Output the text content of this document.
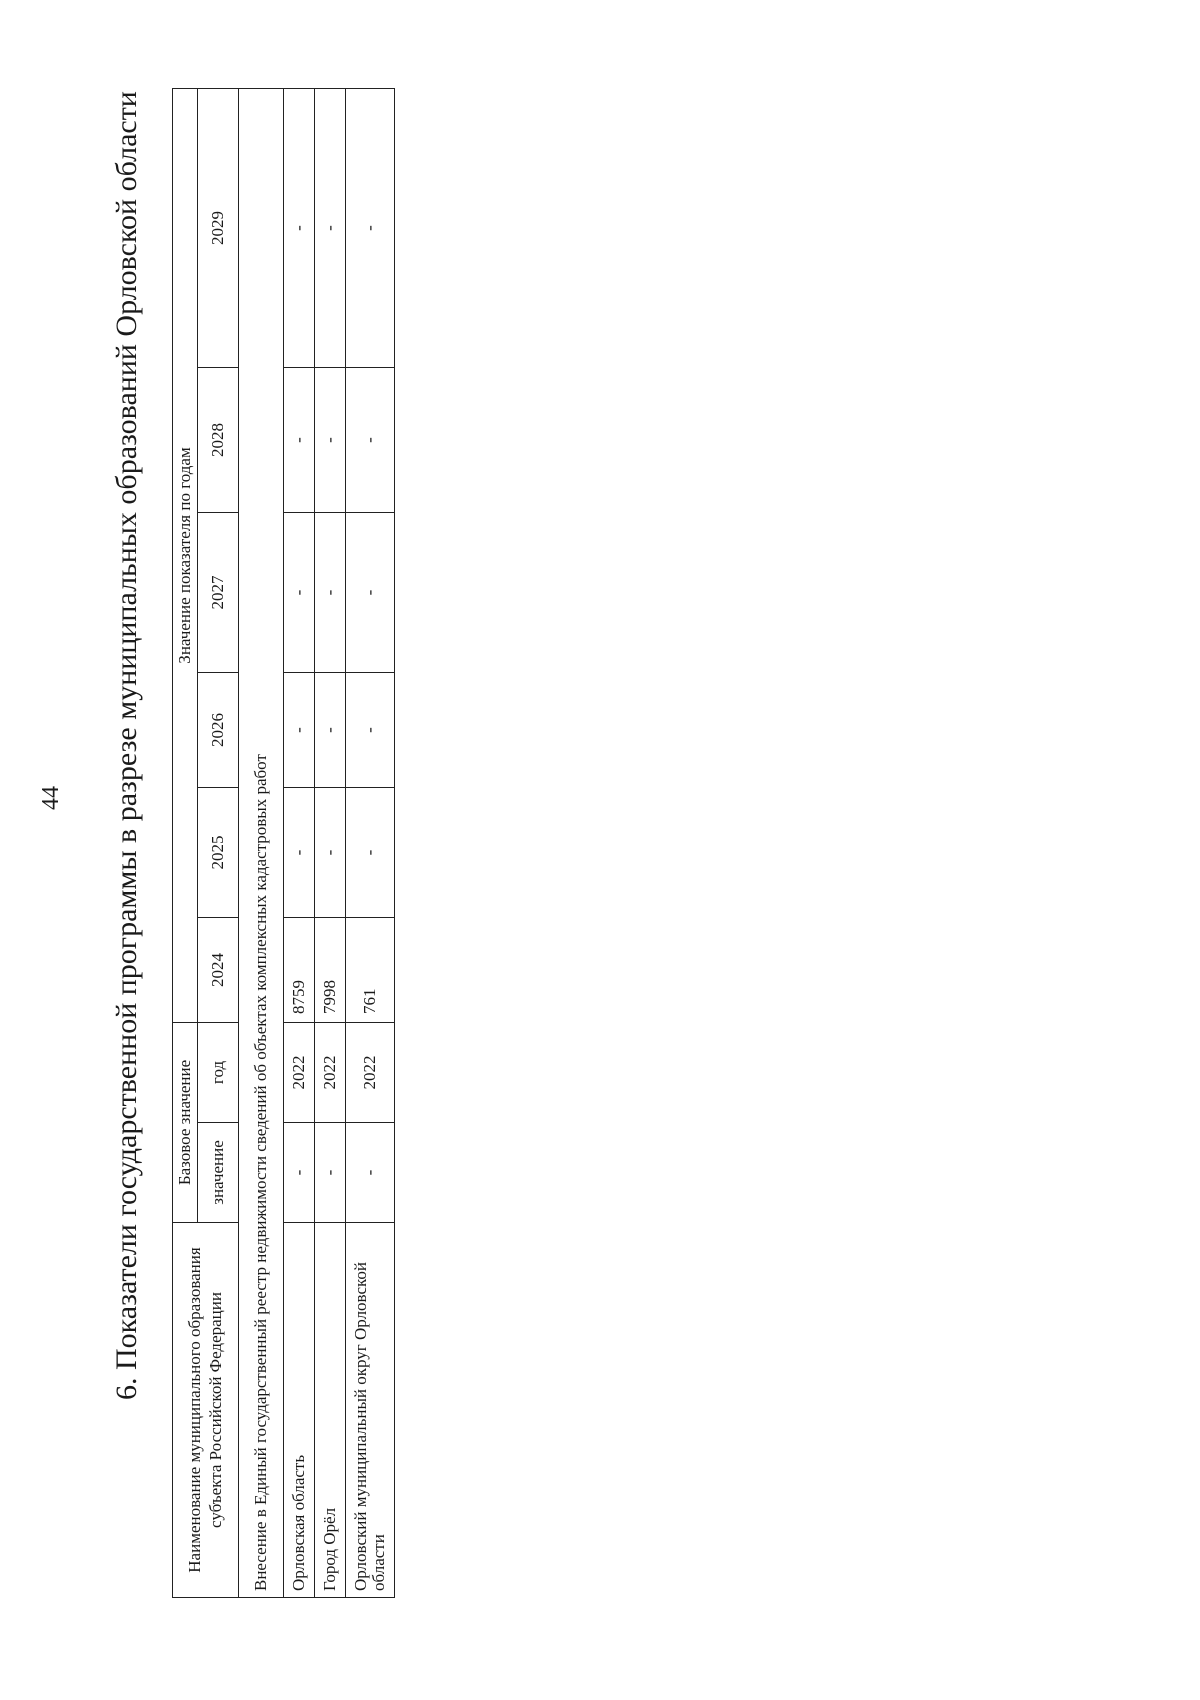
44 6. Показатели государственной программы в разрезе муниципальных образований Орловской области
Наименование муниципального образования субъекта Российской Федерации	Базовое значение		Значение показателя по годам					
	значение	год	2024	2025	2026	2027	2028	2029
Внесение в Единый государственный реестр недвижимости сведений об объектах комплексных кадастровых работ								
Орловская область	-	2022	8759	-	-	-	-	-
Город Орёл	-	2022	7998	-	-	-	-	-
Орловский муниципальный округ Орловской области	-	2022	761	-	-	-	-	-
